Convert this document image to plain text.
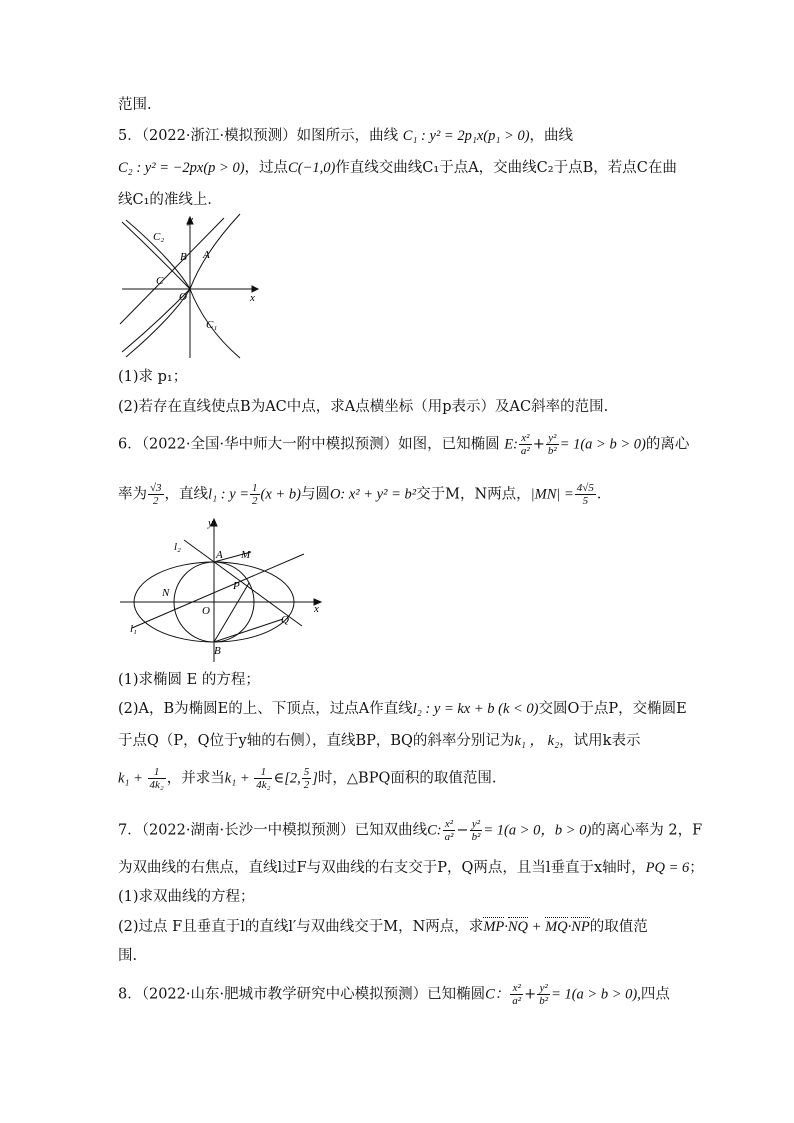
范围.
5．（2022·浙江·模拟预测）如图所示，曲线 C₁ : y² = 2p₁x(p₁ > 0)，曲线
C₂ : y² = −2px(p > 0)，过点C(−1,0)作直线交曲线C₁于点A，交曲线C₂于点B，若点C在曲
线C₁的准线上．
y
x
C₂
C₁
B A
C
O
(1)求 p₁；
(2)若存在直线使点B为AC中点，求A点横坐标（用p表示）及AC斜率的范围.
6．（2022·全国·华中师大一附中模拟预测）如图，已知椭圆 E: $\frac{\text{x²}}{\text{a²}} + \frac{\text{y²}}{\text{b²}} = 1(a > b > 0)$的离心
率为 $\frac{√3}{2}$ ，直线l₁ : $y = \frac{1}{2} (x + b)$与圆O: x² + y² = b²交于M，N两点，$|MN| = \frac{4√5}{5}$ ．
y
x
l₂
l₁
A M
N
P
O
Q
B
(1)求椭圆 E 的方程；
(2)A，B为椭圆E的上、下顶点，过点A作直线l₂ : y = kx + b (k < 0)交圆O于点P，交椭圆E
于点Q（P，Q位于y轴的右侧），直线BP，BQ的斜率分别记为k₁ ， k₂，试用k表示
$k_1 + \frac{1}{\text{4k₂}}$ ，并求当$k_1 + \frac{1}{\text{4k₂}}$ ∈[2, $\frac{5}{2}$ ]时，△BPQ面积的取值范围.
7．（2022·湖南·长沙一中模拟预测）已知双曲线C: $\frac{\text{x²}}{\text{a²}} - \frac{\text{y²}}{\text{b²}} = 1(a > 0$，b > 0)的离心率为 2，F
为双曲线的右焦点，直线l过F与双曲线的右支交于P，Q两点，且当l垂直于x轴时，PQ = 6；
(1)求双曲线的方程；
(2)过点 F且垂直于l的直线l′与双曲线交于M，N两点，求MP·NQ + MQ·NP的取值范
围.
8．（2022·山东·肥城市教学研究中心模拟预测）已知椭圆C： $\frac{\text{x²}}{\text{a²}} + \frac{\text{y²}}{\text{b²}} = 1(a > b > 0)$,四点
